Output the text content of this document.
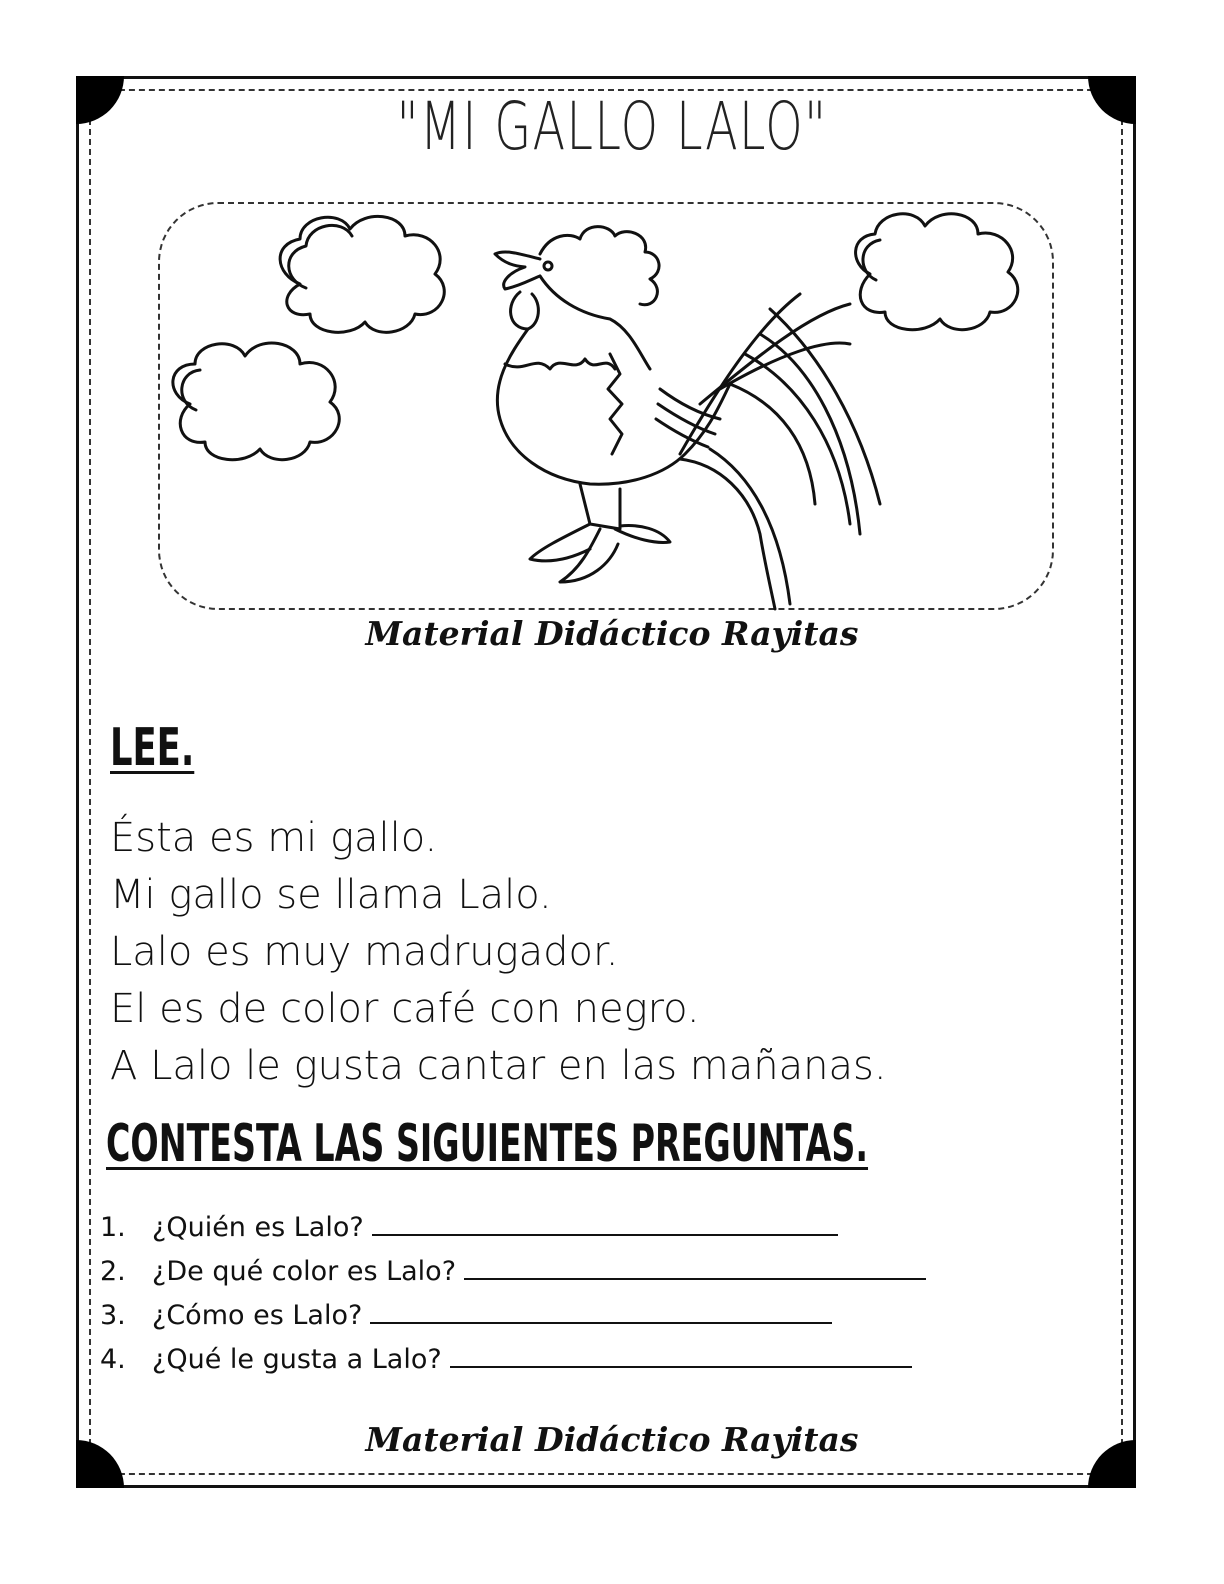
"MI GALLO LALO"
Material Didáctico Rayitas
LEE.
Ésta es mi gallo.
Mi gallo se llama Lalo.
Lalo es muy madrugador.
El es de color café con negro.
A Lalo le gusta cantar en las mañanas.
CONTESTA LAS SIGUIENTES PREGUNTAS.
1. ¿Quién es Lalo?
2. ¿De qué color es Lalo?
3. ¿Cómo es Lalo?
4. ¿Qué le gusta a Lalo?
Material Didáctico Rayitas
